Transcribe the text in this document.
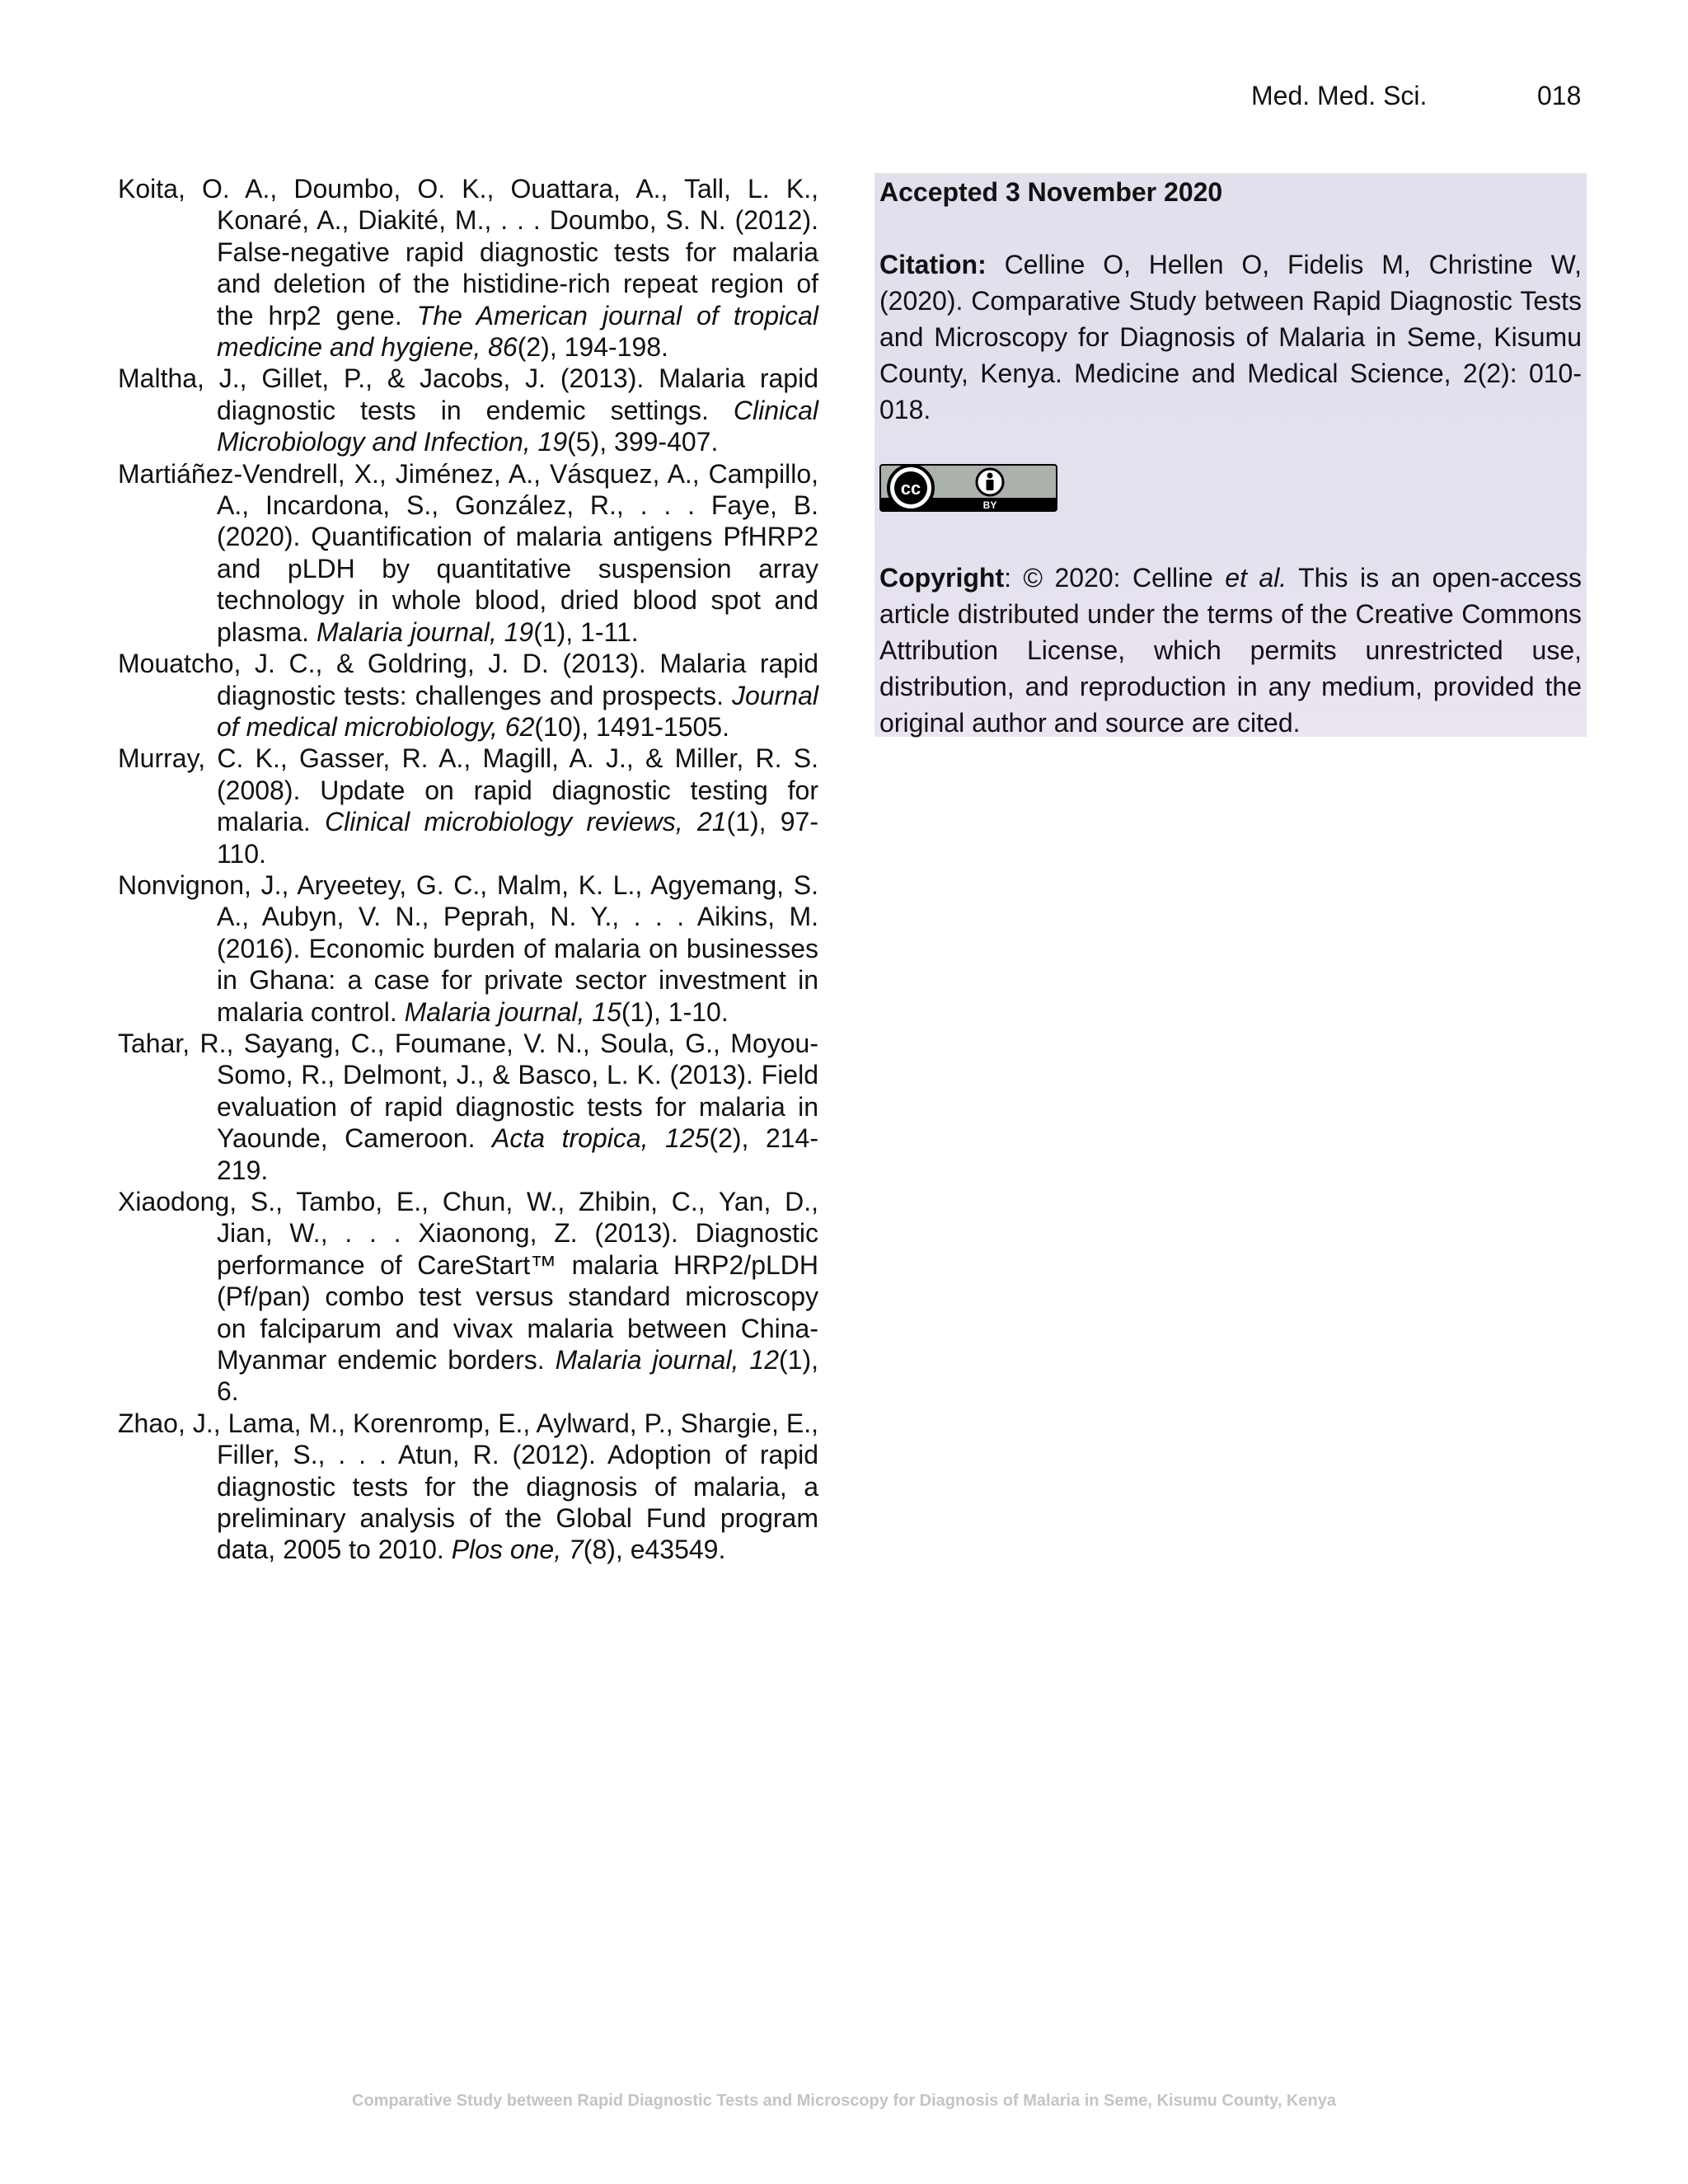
Med. Med. Sci.	018

Koita, O. A., Doumbo, O. K., Ouattara, A., Tall, L. K., Konaré, A., Diakité, M., . . . Doumbo, S. N. (2012). False-negative rapid diagnostic tests for malaria and deletion of the histidine-rich repeat region of the hrp2 gene. The American journal of tropical medicine and hygiene, 86(2), 194-198.

Maltha, J., Gillet, P., & Jacobs, J. (2013). Malaria rapid diagnostic tests in endemic settings. Clinical Microbiology and Infection, 19(5), 399-407.

Martiáñez-Vendrell, X., Jiménez, A., Vásquez, A., Campillo, A., Incardona, S., González, R., . . . Faye, B. (2020). Quantification of malaria antigens PfHRP2 and pLDH by quantitative suspension array technology in whole blood, dried blood spot and plasma. Malaria journal, 19(1), 1-11.

Mouatcho, J. C., & Goldring, J. D. (2013). Malaria rapid diagnostic tests: challenges and prospects. Journal of medical microbiology, 62(10), 1491-1505.

Murray, C. K., Gasser, R. A., Magill, A. J., & Miller, R. S. (2008). Update on rapid diagnostic testing for malaria. Clinical microbiology reviews, 21(1), 97-110.

Nonvignon, J., Aryeetey, G. C., Malm, K. L., Agyemang, S. A., Aubyn, V. N., Peprah, N. Y., . . . Aikins, M. (2016). Economic burden of malaria on businesses in Ghana: a case for private sector investment in malaria control. Malaria journal, 15(1), 1-10.

Tahar, R., Sayang, C., Foumane, V. N., Soula, G., Moyou-Somo, R., Delmont, J., & Basco, L. K. (2013). Field evaluation of rapid diagnostic tests for malaria in Yaounde, Cameroon. Acta tropica, 125(2), 214-219.

Xiaodong, S., Tambo, E., Chun, W., Zhibin, C., Yan, D., Jian, W., . . . Xiaonong, Z. (2013). Diagnostic performance of CareStart™ malaria HRP2/pLDH (Pf/pan) combo test versus standard microscopy on falciparum and vivax malaria between China-Myanmar endemic borders. Malaria journal, 12(1), 6.

Zhao, J., Lama, M., Korenromp, E., Aylward, P., Shargie, E., Filler, S., . . . Atun, R. (2012). Adoption of rapid diagnostic tests for the diagnosis of malaria, a preliminary analysis of the Global Fund program data, 2005 to 2010. Plos one, 7(8), e43549.

Accepted 3 November 2020

Citation: Celline O, Hellen O, Fidelis M, Christine W, (2020). Comparative Study between Rapid Diagnostic Tests and Microscopy for Diagnosis of Malaria in Seme, Kisumu County, Kenya. Medicine and Medical Science, 2(2): 010-018.

cc
BY

Copyright: © 2020: Celline et al. This is an open-access article distributed under the terms of the Creative Commons Attribution License, which permits unrestricted use, distribution, and reproduction in any medium, provided the original author and source are cited.

Comparative Study between Rapid Diagnostic Tests and Microscopy for Diagnosis of Malaria in Seme, Kisumu County, Kenya
